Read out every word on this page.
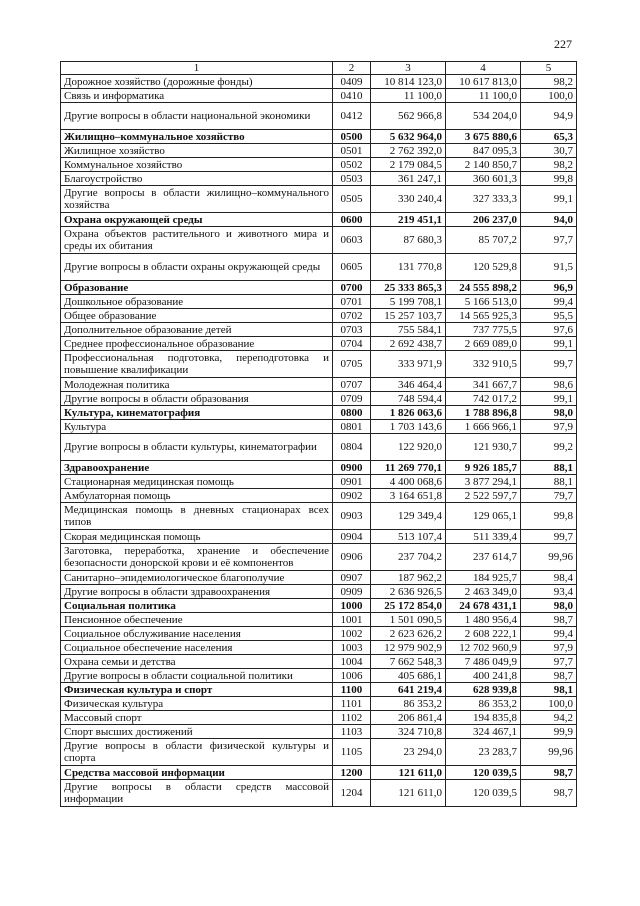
227
1	2	3	4	5
Дорожное хозяйство (дорожные фонды)	0409	10 814 123,0	10 617 813,0	98,2
Связь и информатика	0410	11 100,0	11 100,0	100,0
Другие вопросы в области национальной экономики	0412	562 966,8	534 204,0	94,9
Жилищно–коммунальное хозяйство	0500	5 632 964,0	3 675 880,6	65,3
Жилищное хозяйство	0501	2 762 392,0	847 095,3	30,7
Коммунальное хозяйство	0502	2 179 084,5	2 140 850,7	98,2
Благоустройство	0503	361 247,1	360 601,3	99,8
Другие вопросы в области жилищно–коммунального хозяйства	0505	330 240,4	327 333,3	99,1
Охрана окружающей среды	0600	219 451,1	206 237,0	94,0
Охрана объектов растительного и животного мира и среды их обитания	0603	87 680,3	85 707,2	97,7
Другие вопросы в области охраны окружающей среды	0605	131 770,8	120 529,8	91,5
Образование	0700	25 333 865,3	24 555 898,2	96,9
Дошкольное образование	0701	5 199 708,1	5 166 513,0	99,4
Общее образование	0702	15 257 103,7	14 565 925,3	95,5
Дополнительное образование детей	0703	755 584,1	737 775,5	97,6
Среднее профессиональное образование	0704	2 692 438,7	2 669 089,0	99,1
Профессиональная подготовка, переподготовка и повышение квалификации	0705	333 971,9	332 910,5	99,7
Молодежная политика	0707	346 464,4	341 667,7	98,6
Другие вопросы в области образования	0709	748 594,4	742 017,2	99,1
Культура, кинематография	0800	1 826 063,6	1 788 896,8	98,0
Культура	0801	1 703 143,6	1 666 966,1	97,9
Другие вопросы в области культуры, кинематографии	0804	122 920,0	121 930,7	99,2
Здравоохранение	0900	11 269 770,1	9 926 185,7	88,1
Стационарная медицинская помощь	0901	4 400 068,6	3 877 294,1	88,1
Амбулаторная помощь	0902	3 164 651,8	2 522 597,7	79,7
Медицинская помощь в дневных стационарах всех типов	0903	129 349,4	129 065,1	99,8
Скорая медицинская помощь	0904	513 107,4	511 339,4	99,7
Заготовка, переработка, хранение и обеспечение безопасности донорской крови и её компонентов	0906	237 704,2	237 614,7	99,96
Санитарно–эпидемиологическое благополучие	0907	187 962,2	184 925,7	98,4
Другие вопросы в области здравоохранения	0909	2 636 926,5	2 463 349,0	93,4
Социальная политика	1000	25 172 854,0	24 678 431,1	98,0
Пенсионное обеспечение	1001	1 501 090,5	1 480 956,4	98,7
Социальное обслуживание населения	1002	2 623 626,2	2 608 222,1	99,4
Социальное обеспечение населения	1003	12 979 902,9	12 702 960,9	97,9
Охрана семьи и детства	1004	7 662 548,3	7 486 049,9	97,7
Другие вопросы в области социальной политики	1006	405 686,1	400 241,8	98,7
Физическая культура и спорт	1100	641 219,4	628 939,8	98,1
Физическая культура	1101	86 353,2	86 353,2	100,0
Массовый спорт	1102	206 861,4	194 835,8	94,2
Спорт высших достижений	1103	324 710,8	324 467,1	99,9
Другие вопросы в области физической культуры и спорта	1105	23 294,0	23 283,7	99,96
Средства массовой информации	1200	121 611,0	120 039,5	98,7
Другие вопросы в области средств массовой информации	1204	121 611,0	120 039,5	98,7
